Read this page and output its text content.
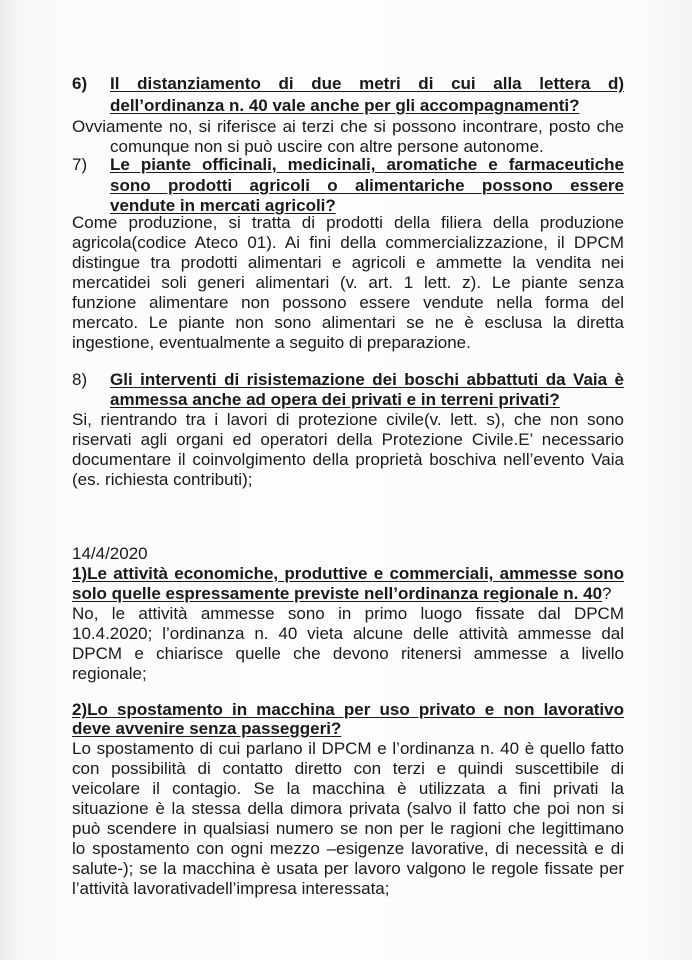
6) Il distanziamento di due metri di cui alla lettera d)
dell’ordinanza n. 40 vale anche per gli accompagnamenti?
Ovviamente no, si riferisce ai terzi che si possono incontrare, posto che
comunque non si può uscire con altre persone autonome.
7) Le piante officinali, medicinali, aromatiche e farmaceutiche
sono prodotti agricoli o alimentariche possono essere
vendute in mercati agricoli?
Come produzione, si tratta di prodotti della filiera della produzione
agricola(codice Ateco 01). Ai fini della commercializzazione, il DPCM
distingue tra prodotti alimentari e agricoli e ammette la vendita nei
mercatidei soli generi alimentari (v. art. 1 lett. z). Le piante senza
funzione alimentare non possono essere vendute nella forma del
mercato. Le piante non sono alimentari se ne è esclusa la diretta
ingestione, eventualmente a seguito di preparazione.
8) Gli interventi di risistemazione dei boschi abbattuti da Vaia è
ammessa anche ad opera dei privati e in terreni privati?
Si, rientrando tra i lavori di protezione civile(v. lett. s), che non sono
riservati agli organi ed operatori della Protezione Civile.E’ necessario
documentare il coinvolgimento della proprietà boschiva nell’evento Vaia
(es. richiesta contributi);
14/4/2020
1)Le attività economiche, produttive e commerciali, ammesse sono
solo quelle espressamente previste nell’ordinanza regionale n. 40?
No, le attività ammesse sono in primo luogo fissate dal DPCM
10.4.2020; l’ordinanza n. 40 vieta alcune delle attività ammesse dal
DPCM e chiarisce quelle che devono ritenersi ammesse a livello
regionale;
2)Lo spostamento in macchina per uso privato e non lavorativo
deve avvenire senza passeggeri?
Lo spostamento di cui parlano il DPCM e l’ordinanza n. 40 è quello fatto
con possibilità di contatto diretto con terzi e quindi suscettibile di
veicolare il contagio. Se la macchina è utilizzata a fini privati la
situazione è la stessa della dimora privata (salvo il fatto che poi non si
può scendere in qualsiasi numero se non per le ragioni che legittimano
lo spostamento con ogni mezzo –esigenze lavorative, di necessità e di
salute-); se la macchina è usata per lavoro valgono le regole fissate per
l’attività lavorativadell’impresa interessata;
